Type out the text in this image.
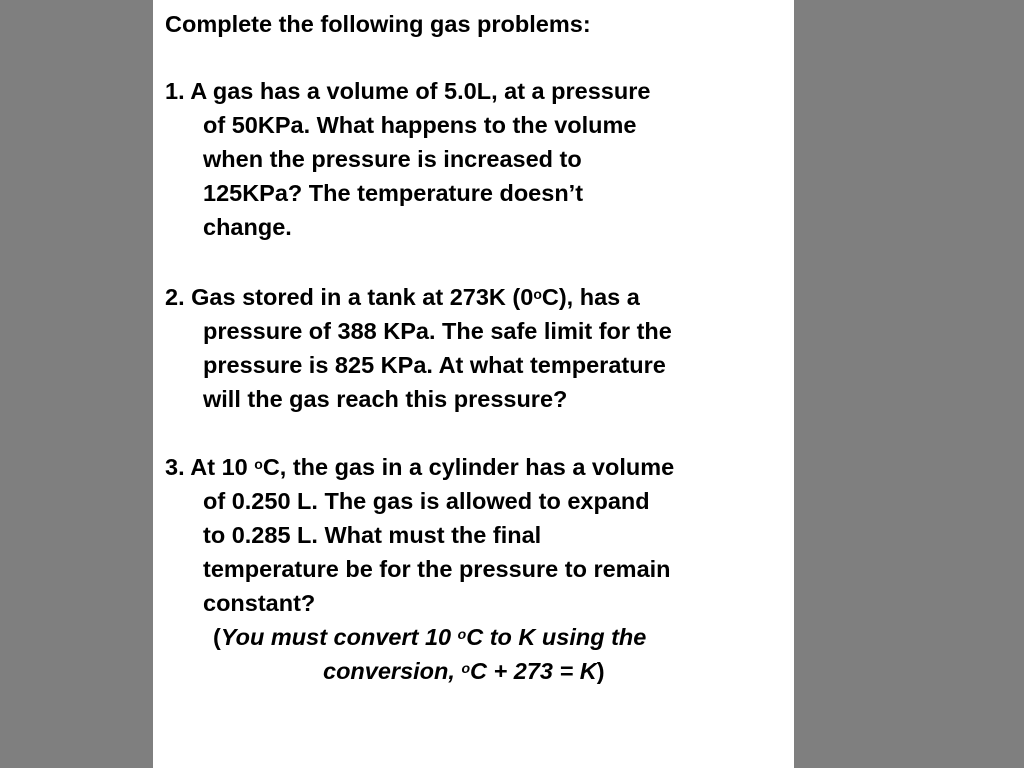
Complete the following gas problems:
1. A gas has a volume of 5.0L, at a pressure
of 50KPa. What happens to the volume
when the pressure is increased to
125KPa? The temperature doesn’t
change.
2. Gas stored in a tank at 273K (0$^o$C), has a
pressure of 388 KPa. The safe limit for the
pressure is 825 KPa. At what temperature
will the gas reach this pressure?
3. At 10 $^o$C, the gas in a cylinder has a volume
of 0.250 L. The gas is allowed to expand
to 0.285 L. What must the final
temperature be for the pressure to remain
constant?
(You must convert 10 $^o$C to K using the
conversion, $^o$C + 273 = K)
